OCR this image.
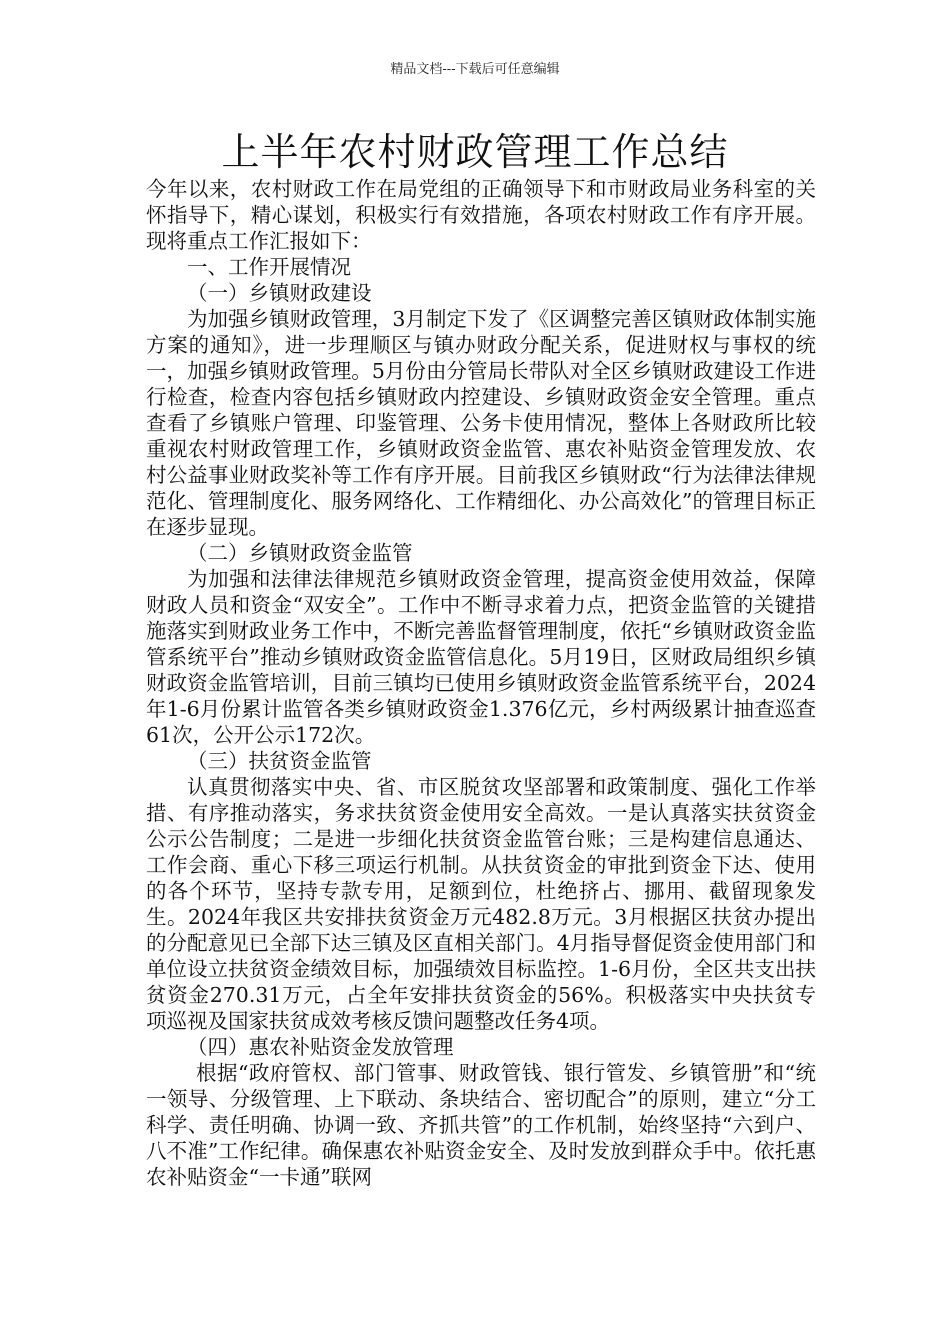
精品文档---下载后可任意编辑
上半年农村财政管理工作总结

今年以来，农村财政工作在局党组的正确领导下和市财政局业务科室的关怀指导下，精心谋划，积极实行有效措施，各项农村财政工作有序开展。现将重点工作汇报如下：

一、工作开展情况

（一）乡镇财政建设

为加强乡镇财政管理，3月制定下发了《区调整完善区镇财政体制实施方案的通知》，进一步理顺区与镇办财政分配关系，促进财权与事权的统一，加强乡镇财政管理。5月份由分管局长带队对全区乡镇财政建设工作进行检查，检查内容包括乡镇财政内控建设、乡镇财政资金安全管理。重点查看了乡镇账户管理、印鉴管理、公务卡使用情况，整体上各财政所比较重视农村财政管理工作，乡镇财政资金监管、惠农补贴资金管理发放、农村公益事业财政奖补等工作有序开展。目前我区乡镇财政“行为法律法律规范化、管理制度化、服务网络化、工作精细化、办公高效化”的管理目标正在逐步显现。

（二）乡镇财政资金监管

为加强和法律法律规范乡镇财政资金管理，提高资金使用效益，保障财政人员和资金“双安全”。工作中不断寻求着力点，把资金监管的关键措施落实到财政业务工作中，不断完善监督管理制度，依托“乡镇财政资金监管系统平台”推动乡镇财政资金监管信息化。5月19日，区财政局组织乡镇财政资金监管培训，目前三镇均已使用乡镇财政资金监管系统平台，2024年1-6月份累计监管各类乡镇财政资金1.376亿元，乡村两级累计抽查巡查61次，公开公示172次。

（三）扶贫资金监管

认真贯彻落实中央、省、市区脱贫攻坚部署和政策制度、强化工作举措、有序推动落实，务求扶贫资金使用安全高效。一是认真落实扶贫资金公示公告制度；二是进一步细化扶贫资金监管台账；三是构建信息通达、工作会商、重心下移三项运行机制。从扶贫资金的审批到资金下达、使用的各个环节，坚持专款专用，足额到位，杜绝挤占、挪用、截留现象发生。2024年我区共安排扶贫资金万元482.8万元。3月根据区扶贫办提出的分配意见已全部下达三镇及区直相关部门。4月指导督促资金使用部门和单位设立扶贫资金绩效目标，加强绩效目标监控。1-6月份，全区共支出扶贫资金270.31万元，占全年安排扶贫资金的56%。积极落实中央扶贫专项巡视及国家扶贫成效考核反馈问题整改任务4项。

（四）惠农补贴资金发放管理

根据“政府管权、部门管事、财政管钱、银行管发、乡镇管册”和“统一领导、分级管理、上下联动、条块结合、密切配合”的原则，建立“分工科学、责任明确、协调一致、齐抓共管”的工作机制，始终坚持“六到户、八不准”工作纪律。确保惠农补贴资金安全、及时发放到群众手中。依托惠农补贴资金“一卡通”联网
